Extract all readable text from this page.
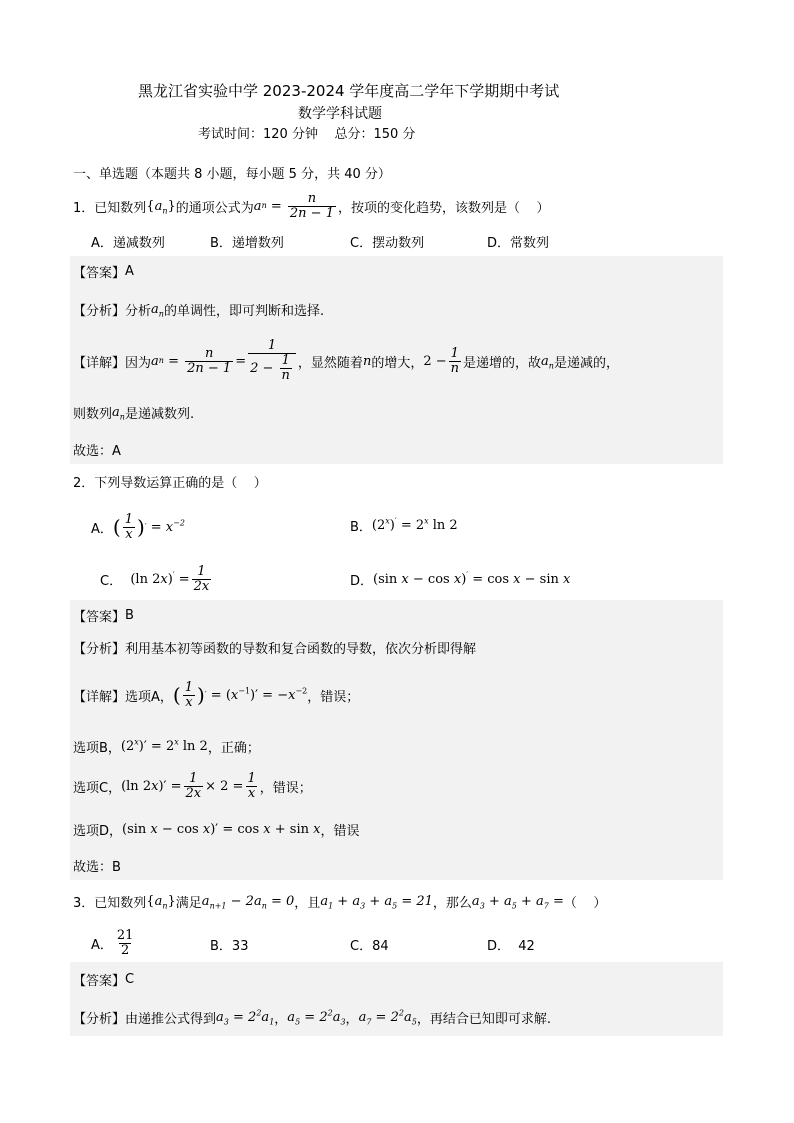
黑龙江省实验中学 2023-2024 学年度高二学年下学期期中考试
数学学科试题
考试时间：120 分钟    总分：150 分
一、单选题（本题共 8 小题，每小题 5 分，共 40 分）
1． 已知数列 $\{a_n\}$ 的通项公式为 a $n = \frac{n}{2n - 1}$ ，按项的变化趋势，该数列是（    ）
A．递减数列	B．递增数列	C．摆动数列	D．常数列
【答案】 A
【分析】 分析 $a_n$ 的单调性，即可判断和选择.
【详解】 因为 a $n = \frac{n}{2n - 1} = \frac{1}{2 - \frac{1}{n}}$ ，显然随着 n 的增大， $2 - \frac{1}{n}$ 是递增的，故 $a_n$ 是递减的，
则数列 $a_n$ 是递减数列.
故选：A
2． 下列导数运算正确的是（    ）
A． ( $\frac{1}{x}$ ) ′
= $x^{-2}$	B． $(2^x)' = 2^x$ ln 2
C．
(ln $2x)' = \frac{1}{2x}$	D． (sin x − cos x)′ = cos x − sin x
【答案】 B
【分析】 利用基本初等函数的导数和复合函数的导数，依次分析即得解
【详解】 选项A， ( $\frac{1}{x}$ ) ′ = $(x^{-1})' = -x^{-2}$ ，错误；
选项B， $(2^x)' = 2^x$ ln 2 ，正确；
选项C， (ln $2x)' = \frac{1}{2x} \times 2 = \frac{1}{x}$ ，错误；
选项D， (sin x − cos x)′ = cos x + sin x ，错误
故选：B
3． 已知数列 $\{a_n\}$ 满足 $a_{n+1} - 2a_n = 0$ ，且 $a_1 + a_3 + a_5 = 21$ ，那么 $a_3 + a_5 + a_7$ = （    ）
A． $\frac{21}{2}$	B．33	C．84	D．  42
【答案】 C
【分析】 由递推公式得到 $a_3 = 2^2a_1$ ， $a_5 = 2^2a_3$ ， $a_7 = 2^2a_5$ ，再结合已知即可求解.
